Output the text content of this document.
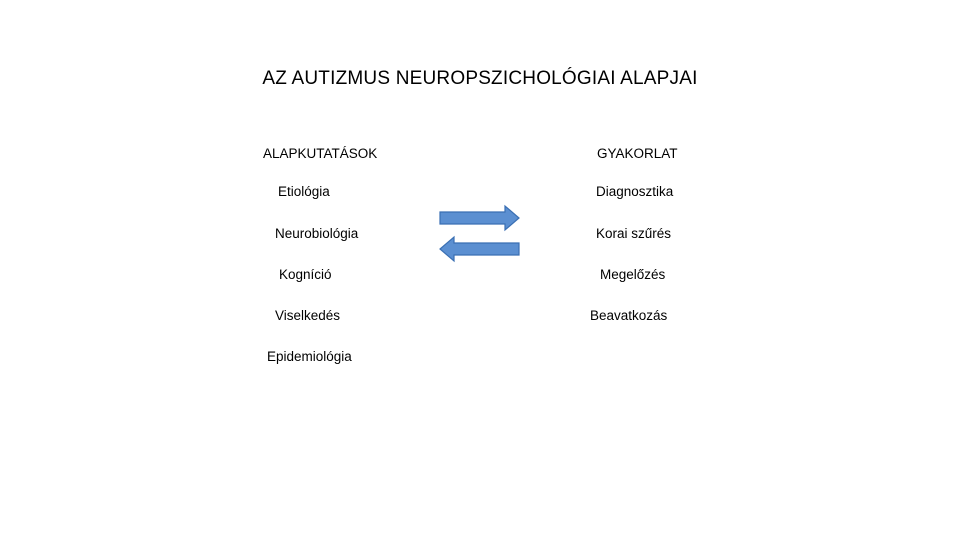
AZ AUTIZMUS NEUROPSZICHOLÓGIAI ALAPJAI
ALAPKUTATÁSOK
Etiológia
Neurobiológia
Kogníció
Viselkedés
Epidemiológia
GYAKORLAT
Diagnosztika
Korai szűrés
Megelőzés
Beavatkozás
